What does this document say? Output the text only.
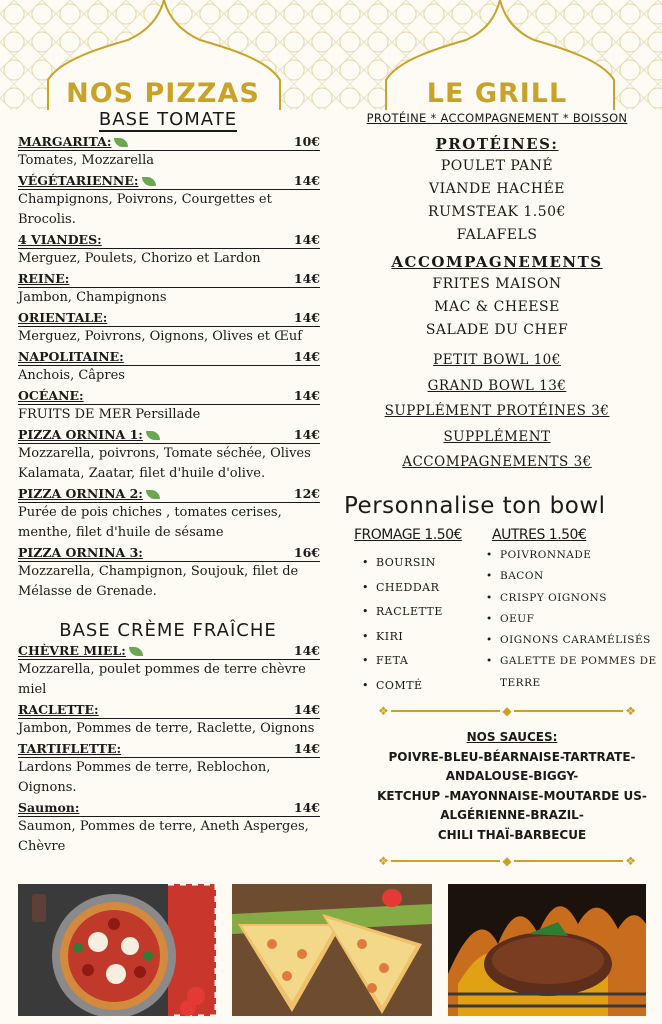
NOS PIZZAS
BASE TOMATE
MARGARITA:	10€
Tomates, Mozzarella
VÉGÉTARIENNE:	14€
Champignons, Poivrons, Courgettes et Brocolis.
4 VIANDES:	14€
Merguez, Poulets, Chorizo et Lardon
REINE:	14€
Jambon, Champignons
ORIENTALE:	14€
Merguez, Poivrons, Oignons, Olives et Œuf
NAPOLITAINE:	14€
Anchois, Câpres
OCÉANE:	14€
FRUITS DE MER Persillade
PIZZA ORNINA 1:	14€
Mozzarella, poivrons, Tomate séchée, Olives Kalamata, Zaatar, filet d'huile d'olive.
PIZZA ORNINA 2:	12€
Purée de pois chiches , tomates cerises, menthe, filet d'huile de sésame
PIZZA ORNINA 3:	16€
Mozzarella, Champignon, Soujouk, filet de Mélasse de Grenade.
BASE CRÈME FRAÎCHE
CHÈVRE MIEL:	14€
Mozzarella, poulet pommes de terre chèvre miel
RACLETTE:	14€
Jambon, Pommes de terre, Raclette, Oignons
TARTIFLETTE:	14€
Lardons Pommes de terre, Reblochon, Oignons.
Saumon:	14€
Saumon, Pommes de terre, Aneth Asperges, Chèvre
LE GRILL
PROTÉINE * ACCOMPAGNEMENT * BOISSON
PROTÉINES:
POULET PANÉ
VIANDE HACHÉE
RUMSTEAK 1.50€
FALAFELS
ACCOMPAGNEMENTS
FRITES MAISON
MAC & CHEESE
SALADE DU CHEF
PETIT BOWL 10€
GRAND BOWL 13€
SUPPLÉMENT PROTÉINES 3€
SUPPLÉMENT
ACCOMPAGNEMENTS 3€
Personnalise ton bowl
FROMAGE 1.50€
• BOURSIN
• CHEDDAR
• RACLETTE
• KIRI
• FETA
• COMTÉ
AUTRES 1.50€
• POIVRONNADE
• BACON
• CRISPY OIGNONS
• OEUF
• OIGNONS CARAMÉLISÉS
• GALETTE DE POMMES DE TERRE
❖	◆	❖
NOS SAUCES:
POIVRE-BLEU-BÉARNAISE-TARTRATE-
ANDALOUSE-BIGGY-
KETCHUP -MAYONNAISE-MOUTARDE US-
ALGÉRIENNE-BRAZIL-
CHILI THAÏ-BARBECUE
❖	◆	❖
